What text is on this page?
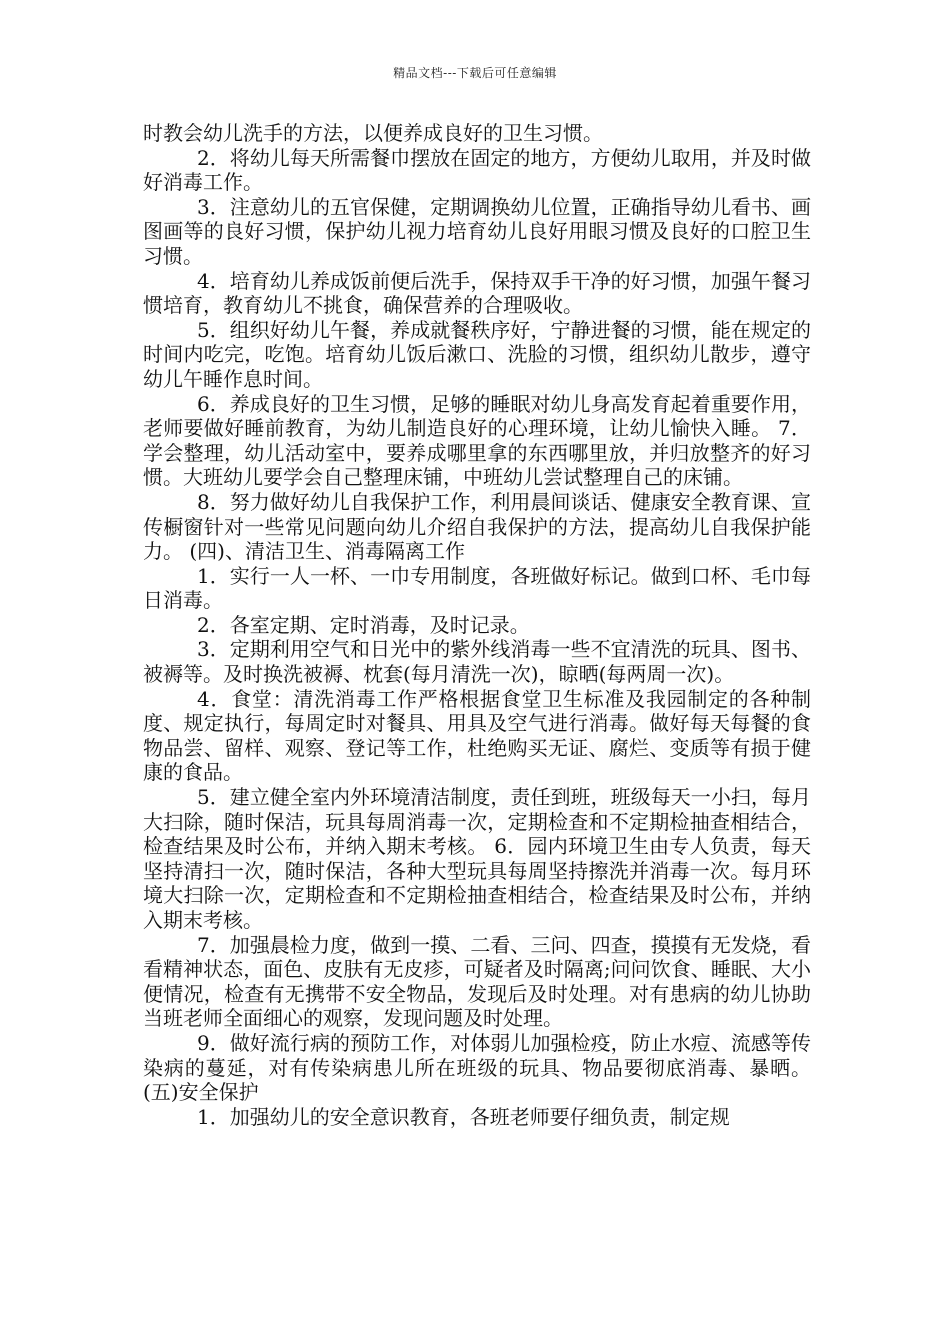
精品文档---下载后可任意编辑

时教会幼儿洗手的方法，以便养成良好的卫生习惯。

2．将幼儿每天所需餐巾摆放在固定的地方，方便幼儿取用，并及时做好消毒工作。

3．注意幼儿的五官保健，定期调换幼儿位置，正确指导幼儿看书、画图画等的良好习惯，保护幼儿视力培育幼儿良好用眼习惯及良好的口腔卫生习惯。

4．培育幼儿养成饭前便后洗手，保持双手干净的好习惯，加强午餐习惯培育，教育幼儿不挑食，确保营养的合理吸收。

5．组织好幼儿午餐，养成就餐秩序好，宁静进餐的习惯，能在规定的时间内吃完，吃饱。培育幼儿饭后漱口、洗脸的习惯，组织幼儿散步，遵守幼儿午睡作息时间。

6．养成良好的卫生习惯，足够的睡眠对幼儿身高发育起着重要作用，老师要做好睡前教育，为幼儿制造良好的心理环境，让幼儿愉快入睡。 7．学会整理，幼儿活动室中，要养成哪里拿的东西哪里放，并归放整齐的好习惯。大班幼儿要学会自己整理床铺，中班幼儿尝试整理自己的床铺。

8．努力做好幼儿自我保护工作，利用晨间谈话、健康安全教育课、宣传橱窗针对一些常见问题向幼儿介绍自我保护的方法，提高幼儿自我保护能力。 (四)、清洁卫生、消毒隔离工作

1．实行一人一杯、一巾专用制度，各班做好标记。做到口杯、毛巾每日消毒。

2．各室定期、定时消毒，及时记录。

3．定期利用空气和日光中的紫外线消毒一些不宜清洗的玩具、图书、被褥等。及时换洗被褥、枕套(每月清洗一次)，晾晒(每两周一次)。

4．食堂：清洗消毒工作严格根据食堂卫生标准及我园制定的各种制度、规定执行，每周定时对餐具、用具及空气进行消毒。做好每天每餐的食物品尝、留样、观察、登记等工作，杜绝购买无证、腐烂、变质等有损于健康的食品。

5．建立健全室内外环境清洁制度，责任到班，班级每天一小扫，每月大扫除，随时保洁，玩具每周消毒一次，定期检查和不定期检抽查相结合，检查结果及时公布，并纳入期末考核。 6．园内环境卫生由专人负责，每天坚持清扫一次，随时保洁，各种大型玩具每周坚持擦洗并消毒一次。每月环境大扫除一次，定期检查和不定期检抽查相结合，检查结果及时公布，并纳入期末考核。

7．加强晨检力度，做到一摸、二看、三问、四查，摸摸有无发烧，看看精神状态，面色、皮肤有无皮疹，可疑者及时隔离;问问饮食、睡眠、大小便情况，检查有无携带不安全物品，发现后及时处理。对有患病的幼儿协助当班老师全面细心的观察，发现问题及时处理。

9．做好流行病的预防工作，对体弱儿加强检疫，防止水痘、流感等传染病的蔓延，对有传染病患儿所在班级的玩具、物品要彻底消毒、暴晒。 (五)安全保护

1．加强幼儿的安全意识教育，各班老师要仔细负责，制定规
